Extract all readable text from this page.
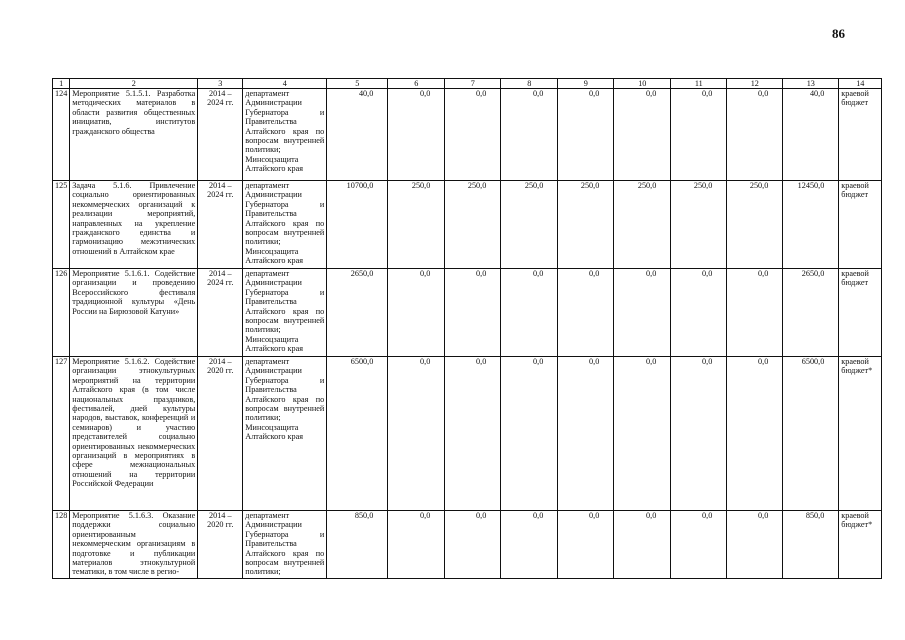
86
1	2	3	4	5	6	7	8	9	10	11	12	13	14
124	Мероприятие 5.1.5.1. Разработка методических материалов в области развития общественных инициатив, институтов гражданского общества	2014 – 2024 гг.	департамент Администрации Губернатора и Правительства Алтайского края по вопросам внутренней политики; Минсоцзащита Алтайского края	40,0	0,0	0,0	0,0	0,0	0,0	0,0	0,0	40,0	краевой бюджет
125	Задача 5.1.6. Привлечение социально ориентированных некоммерческих организаций к реализации мероприятий, направленных на укрепление гражданского единства и гармонизацию межэтнических отношений в Алтайском крае	2014 – 2024 гг.	департамент Администрации Губернатора и Правительства Алтайского края по вопросам внутренней политики; Минсоцзащита Алтайского края	10700,0	250,0	250,0	250,0	250,0	250,0	250,0	250,0	12450,0	краевой бюджет
126	Мероприятие 5.1.6.1. Содействие организации и проведению Всероссийского фестиваля традиционной культуры «День России на Бирюзовой Катуни»	2014 – 2024 гг.	департамент Администрации Губернатора и Правительства Алтайского края по вопросам внутренней политики; Минсоцзащита Алтайского края	2650,0	0,0	0,0	0,0	0,0	0,0	0,0	0,0	2650,0	краевой бюджет
127	Мероприятие 5.1.6.2. Содействие организации этнокультурных мероприятий на территории Алтайского края (в том числе национальных праздников, фестивалей, дней культуры народов, выставок, конференций и семинаров) и участию представителей социально ориентированных некоммерческих организаций в мероприятиях в сфере межнациональных отношений на территории Российской Федерации	2014 – 2020 гг.	департамент Администрации Губернатора и Правительства Алтайского края по вопросам внутренней политики; Минсоцзащита Алтайского края	6500,0	0,0	0,0	0,0	0,0	0,0	0,0	0,0	6500,0	краевой бюджет*
128	Мероприятие 5.1.6.3. Оказание поддержки социально ориентированным некоммерческим организациям в подготовке и публикации материалов этнокультурной тематики, в том числе в регио-	2014 – 2020 гг.	департамент Администрации Губернатора и Правительства Алтайского края по вопросам внутренней политики;	850,0	0,0	0,0	0,0	0,0	0,0	0,0	0,0	850,0	краевой бюджет*
